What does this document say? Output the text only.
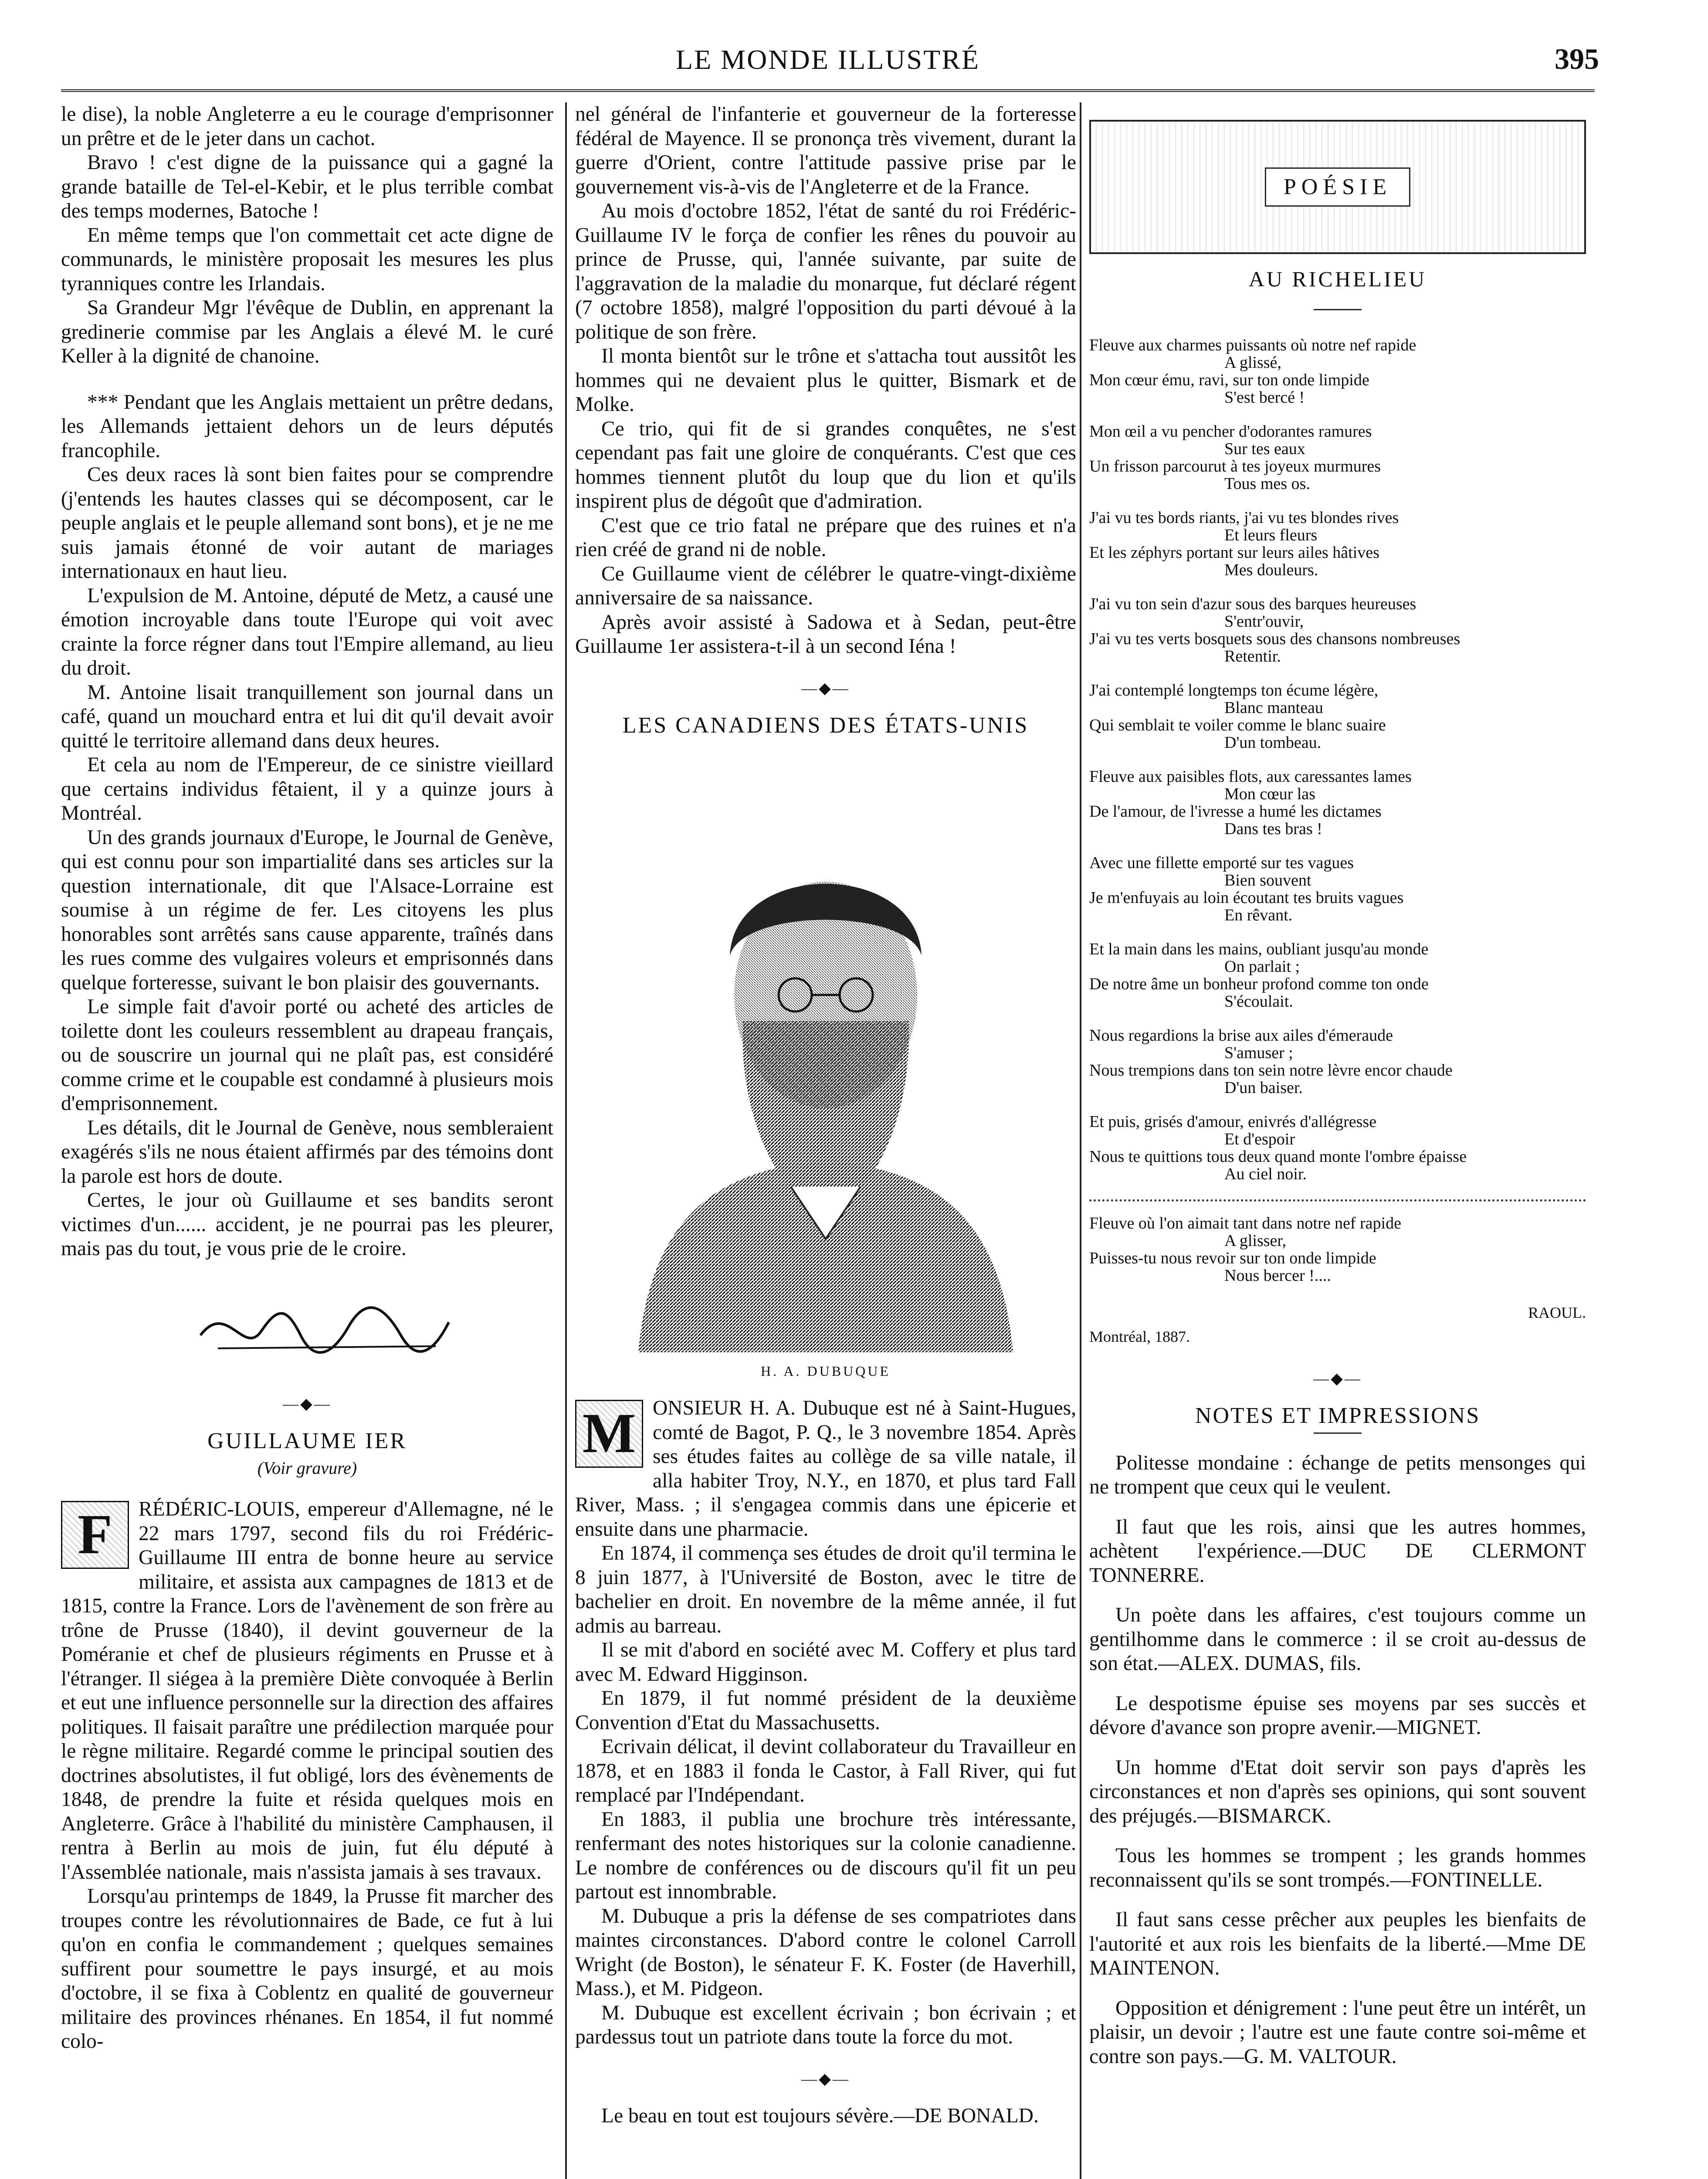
LE MONDE ILLUSTRÉ	395

le dise), la noble Angleterre a eu le courage d'emprisonner un prêtre et de le jeter dans un cachot.

Bravo ! c'est digne de la puissance qui a gagné la grande bataille de Tel-el-Kebir, et le plus terrible combat des temps modernes, Batoche !

En même temps que l'on commettait cet acte digne de communards, le ministère proposait les mesures les plus tyranniques contre les Irlandais.

Sa Grandeur Mgr l'évêque de Dublin, en apprenant la gredinerie commise par les Anglais a élevé M. le curé Keller à la dignité de chanoine.

*** Pendant que les Anglais mettaient un prêtre dedans, les Allemands jettaient dehors un de leurs députés francophile.

Ces deux races là sont bien faites pour se comprendre (j'entends les hautes classes qui se décomposent, car le peuple anglais et le peuple allemand sont bons), et je ne me suis jamais étonné de voir autant de mariages internationaux en haut lieu.

L'expulsion de M. Antoine, député de Metz, a causé une émotion incroyable dans toute l'Europe qui voit avec crainte la force régner dans tout l'Empire allemand, au lieu du droit.

M. Antoine lisait tranquillement son journal dans un café, quand un mouchard entra et lui dit qu'il devait avoir quitté le territoire allemand dans deux heures.

Et cela au nom de l'Empereur, de ce sinistre vieillard que certains individus fêtaient, il y a quinze jours à Montréal.

Un des grands journaux d'Europe, le Journal de Genève, qui est connu pour son impartialité dans ses articles sur la question internationale, dit que l'Alsace-Lorraine est soumise à un régime de fer. Les citoyens les plus honorables sont arrêtés sans cause apparente, traînés dans les rues comme des vulgaires voleurs et emprisonnés dans quelque forteresse, suivant le bon plaisir des gouvernants.

Le simple fait d'avoir porté ou acheté des articles de toilette dont les couleurs ressemblent au drapeau français, ou de souscrire un journal qui ne plaît pas, est considéré comme crime et le coupable est condamné à plusieurs mois d'emprisonnement.

Les détails, dit le Journal de Genève, nous sembleraient exagérés s'ils ne nous étaient affirmés par des témoins dont la parole est hors de doute.

Certes, le jour où Guillaume et ses bandits seront victimes d'un...... accident, je ne pourrai pas les pleurer, mais pas du tout, je vous prie de le croire.

—◆—
GUILLAUME IER
(Voir gravure)

F	RÉDÉRIC-LOUIS, empereur d'Allemagne, né le 22 mars 1797, second fils du roi Frédéric-Guillaume III entra de bonne heure au service militaire, et assista aux campagnes de 1813 et de 1815, contre la France. Lors de l'avènement de son frère au trône de Prusse (1840), il devint gouverneur de la Poméranie et chef de plusieurs régiments en Prusse et à l'étranger. Il siégea à la première Diète convoquée à Berlin et eut une influence personnelle sur la direction des affaires politiques. Il faisait paraître une prédilection marquée pour le règne militaire. Regardé comme le principal soutien des doctrines absolutistes, il fut obligé, lors des évènements de 1848, de prendre la fuite et résida quelques mois en Angleterre. Grâce à l'habilité du ministère Camphausen, il rentra à Berlin au mois de juin, fut élu député à l'Assemblée nationale, mais n'assista jamais à ses travaux.

Lorsqu'au printemps de 1849, la Prusse fit marcher des troupes contre les révolutionnaires de Bade, ce fut à lui qu'on en confia le commandement ; quelques semaines suffirent pour soumettre le pays insurgé, et au mois d'octobre, il se fixa à Coblentz en qualité de gouverneur militaire des provinces rhénanes. En 1854, il fut nommé colo-

nel général de l'infanterie et gouverneur de la forteresse fédéral de Mayence. Il se prononça très vivement, durant la guerre d'Orient, contre l'attitude passive prise par le gouvernement vis-à-vis de l'Angleterre et de la France.

Au mois d'octobre 1852, l'état de santé du roi Frédéric-Guillaume IV le força de confier les rênes du pouvoir au prince de Prusse, qui, l'année suivante, par suite de l'aggravation de la maladie du monarque, fut déclaré régent (7 octobre 1858), malgré l'opposition du parti dévoué à la politique de son frère.

Il monta bientôt sur le trône et s'attacha tout aussitôt les hommes qui ne devaient plus le quitter, Bismark et de Molke.

Ce trio, qui fit de si grandes conquêtes, ne s'est cependant pas fait une gloire de conquérants. C'est que ces hommes tiennent plutôt du loup que du lion et qu'ils inspirent plus de dégoût que d'admiration.

C'est que ce trio fatal ne prépare que des ruines et n'a rien créé de grand ni de noble.

Ce Guillaume vient de célébrer le quatre-vingt-dixième anniversaire de sa naissance.

Après avoir assisté à Sadowa et à Sedan, peut-être Guillaume 1er assistera-t-il à un second Iéna !

—◆—
LES CANADIENS DES ÉTATS-UNIS
H. A. DUBUQUE

M ONSIEUR H. A. Dubuque est né à Saint-Hugues, comté de Bagot, P. Q., le 3 novembre 1854. Après ses études faites au collège de sa ville natale, il alla habiter Troy, N.Y., en 1870, et plus tard Fall River, Mass. ; il s'engagea commis dans une épicerie et ensuite dans une pharmacie.

En 1874, il commença ses études de droit qu'il termina le 8 juin 1877, à l'Université de Boston, avec le titre de bachelier en droit. En novembre de la même année, il fut admis au barreau.

Il se mit d'abord en société avec M. Coffery et plus tard avec M. Edward Higginson.

En 1879, il fut nommé président de la deuxième Convention d'Etat du Massachusetts.

Ecrivain délicat, il devint collaborateur du Travailleur en 1878, et en 1883 il fonda le Castor, à Fall River, qui fut remplacé par l'Indépendant.

En 1883, il publia une brochure très intéressante, renfermant des notes historiques sur la colonie canadienne. Le nombre de conférences ou de discours qu'il fit un peu partout est innombrable.

M. Dubuque a pris la défense de ses compatriotes dans maintes circonstances. D'abord contre le colonel Carroll Wright (de Boston), le sénateur F. K. Foster (de Haverhill, Mass.), et M. Pidgeon.

M. Dubuque est excellent écrivain ; bon écrivain ; et pardessus tout un patriote dans toute la force du mot.

—◆—

Le beau en tout est toujours sévère.—DE BONALD.

POÉSIE
AU RICHELIEU
Fleuve aux charmes puissants où notre nef rapide
A glissé,
Mon cœur ému, ravi, sur ton onde limpide
S'est bercé !
Mon œil a vu pencher d'odorantes ramures
Sur tes eaux
Un frisson parcourut à tes joyeux murmures
Tous mes os.
J'ai vu tes bords riants, j'ai vu tes blondes rives
Et leurs fleurs
Et les zéphyrs portant sur leurs ailes hâtives
Mes douleurs.
J'ai vu ton sein d'azur sous des barques heureuses
S'entr'ouvir,
J'ai vu tes verts bosquets sous des chansons nombreuses
Retentir.
J'ai contemplé longtemps ton écume légère,
Blanc manteau
Qui semblait te voiler comme le blanc suaire
D'un tombeau.
Fleuve aux paisibles flots, aux caressantes lames
Mon cœur las
De l'amour, de l'ivresse a humé les dictames
Dans tes bras !
Avec une fillette emporté sur tes vagues
Bien souvent
Je m'enfuyais au loin écoutant tes bruits vagues
En rêvant.
Et la main dans les mains, oubliant jusqu'au monde
On parlait ;
De notre âme un bonheur profond comme ton onde
S'écoulait.
Nous regardions la brise aux ailes d'émeraude
S'amuser ;
Nous trempions dans ton sein notre lèvre encor chaude
D'un baiser.
Et puis, grisés d'amour, enivrés d'allégresse
Et d'espoir
Nous te quittions tous deux quand monte l'ombre épaisse
Au ciel noir.
Fleuve où l'on aimait tant dans notre nef rapide
A glisser,
Puisses-tu nous revoir sur ton onde limpide
Nous bercer !....
RAOUL.
Montréal, 1887.
—◆—
NOTES ET IMPRESSIONS

Politesse mondaine : échange de petits mensonges qui ne trompent que ceux qui le veulent.

Il faut que les rois, ainsi que les autres hommes, achètent l'expérience.—DUC DE CLERMONT TONNERRE.

Un poète dans les affaires, c'est toujours comme un gentilhomme dans le commerce : il se croit au-dessus de son état.—ALEX. DUMAS, fils.

Le despotisme épuise ses moyens par ses succès et dévore d'avance son propre avenir.—MIGNET.

Un homme d'Etat doit servir son pays d'après les circonstances et non d'après ses opinions, qui sont souvent des préjugés.—BISMARCK.

Tous les hommes se trompent ; les grands hommes reconnaissent qu'ils se sont trompés.—FONTINELLE.

Il faut sans cesse prêcher aux peuples les bienfaits de l'autorité et aux rois les bienfaits de la liberté.—Mme DE MAINTENON.

Opposition et dénigrement : l'une peut être un intérêt, un plaisir, un devoir ; l'autre est une faute contre soi-même et contre son pays.—G. M. VALTOUR.
